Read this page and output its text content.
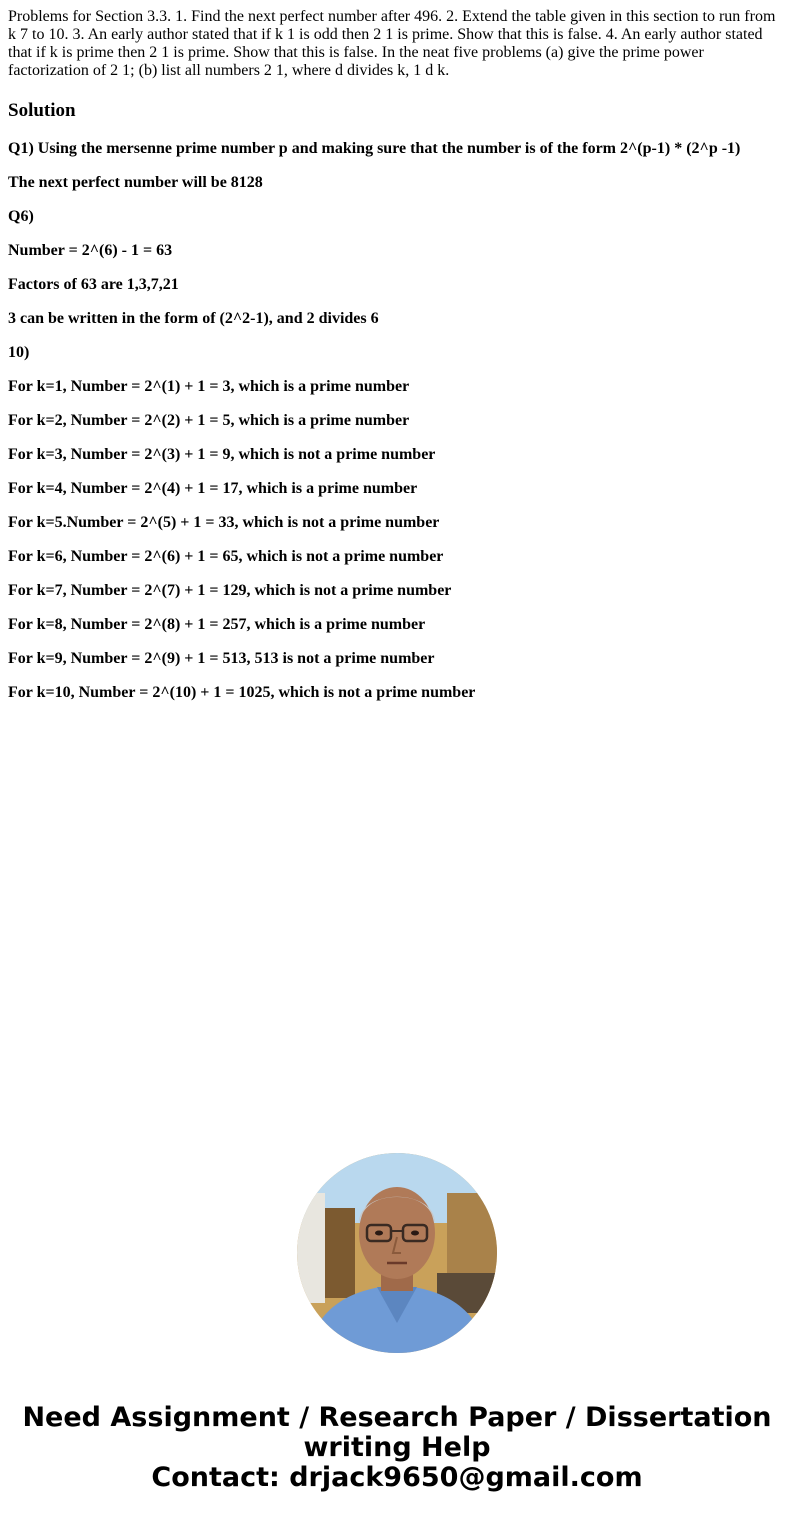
Problems for Section 3.3. 1. Find the next perfect number after 496. 2. Extend the table given in this section to run from k 7 to 10. 3. An early author stated that if k 1 is odd then 2 1 is prime. Show that this is false. 4. An early author stated that if k is prime then 2 1 is prime. Show that this is false. In the neat five problems (a) give the prime power factorization of 2 1; (b) list all numbers 2 1, where d divides k, 1 d k.

Solution

Q1) Using the mersenne prime number p and making sure that the number is of the form 2^(p-1) * (2^p -1)

The next perfect number will be 8128

Q6)

Number = 2^(6) - 1 = 63

Factors of 63 are 1,3,7,21

3 can be written in the form of (2^2-1), and 2 divides 6

10)

For k=1, Number = 2^(1) + 1 = 3, which is a prime number

For k=2, Number = 2^(2) + 1 = 5, which is a prime number

For k=3, Number = 2^(3) + 1 = 9, which is not a prime number

For k=4, Number = 2^(4) + 1 = 17, which is a prime number

For k=5.Number = 2^(5) + 1 = 33, which is not a prime number

For k=6, Number = 2^(6) + 1 = 65, which is not a prime number

For k=7, Number = 2^(7) + 1 = 129, which is not a prime number

For k=8, Number = 2^(8) + 1 = 257, which is a prime number

For k=9, Number = 2^(9) + 1 = 513, 513 is not a prime number

For k=10, Number = 2^(10) + 1 = 1025, which is not a prime number

Need Assignment / Research Paper / Dissertation
writing Help
Contact: drjack9650@gmail.com
